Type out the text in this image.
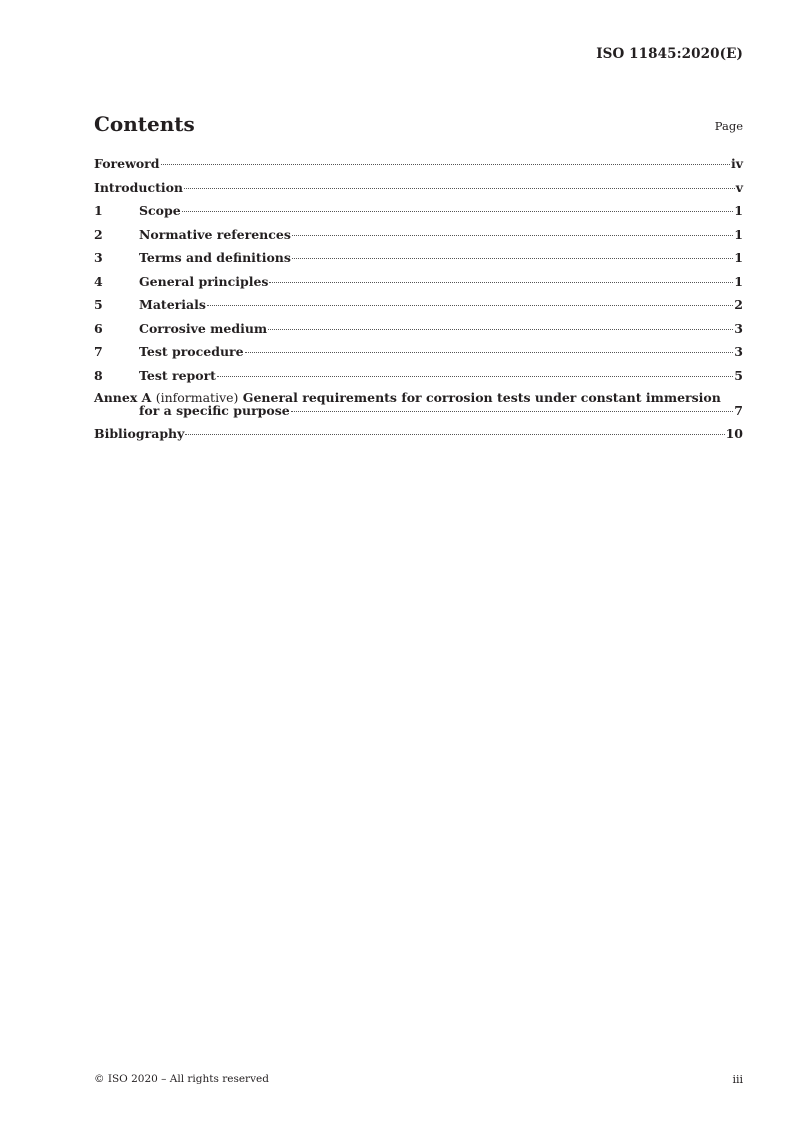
ISO 11845:2020(E)
Contents	Page
Foreword	iv
Introduction	v
1	Scope	1
2	Normative references	1
3	Terms and definitions	1
4	General principles	1
5	Materials	2
6	Corrosive medium	3
7	Test procedure	3
8	Test report	5
Annex A (informative) General requirements for corrosion tests under constant immersion
for a specific purpose	7
Bibliography	10
© ISO 2020 – All rights reserved	iii
